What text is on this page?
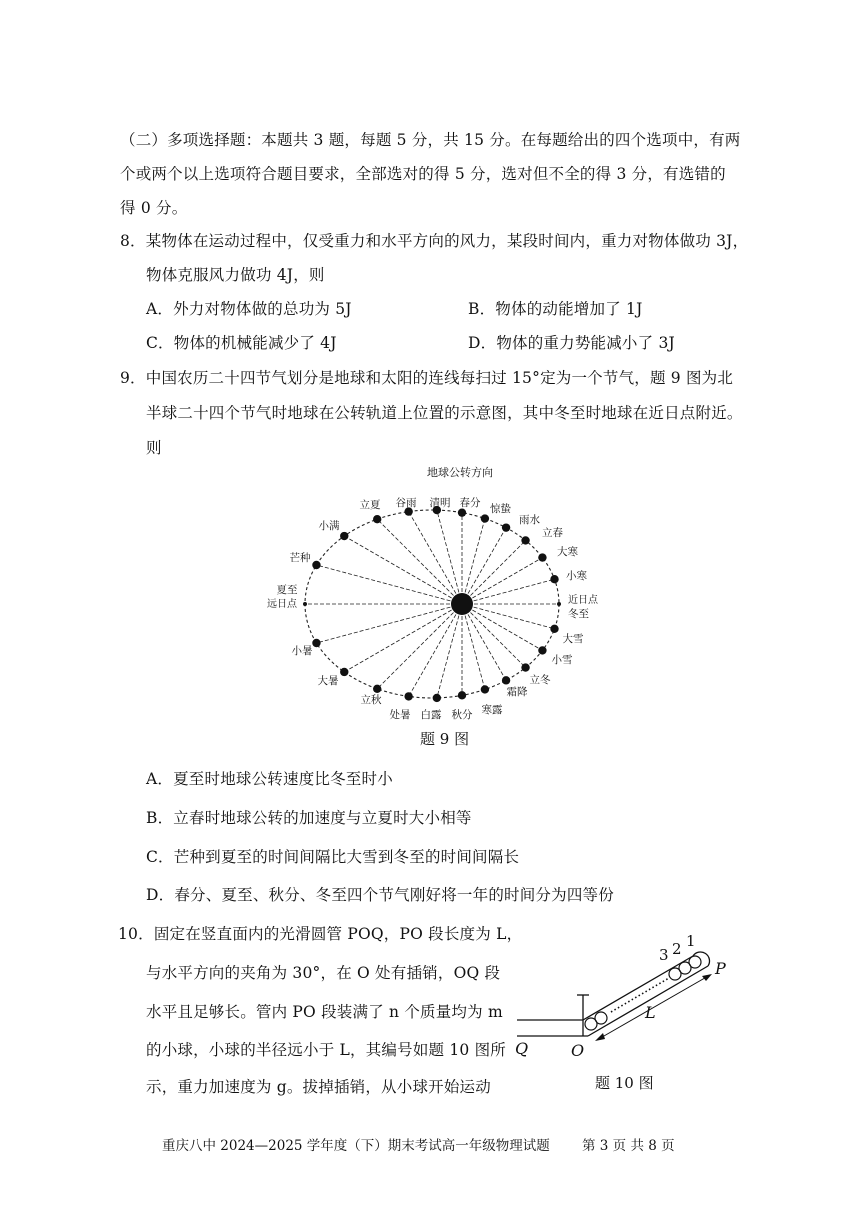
（二）多项选择题：本题共 3 题，每题 5 分，共 15 分。在每题给出的四个选项中，有两
个或两个以上选项符合题目要求，全部选对的得 5 分，选对但不全的得 3 分，有选错的
得 0 分。
8．某物体在运动过程中，仅受重力和水平方向的风力，某段时间内，重力对物体做功 3J，
物体克服风力做功 4J，则
A．外力对物体做的总功为 5J	B．物体的动能增加了 1J
C．物体的机械能减少了 4J	D．物体的重力势能减小了 3J
9．中国农历二十四节气划分是地球和太阳的连线每扫过 15°定为一个节气，题 9 图为北
半球二十四个节气时地球在公转轨道上位置的示意图，其中冬至时地球在近日点附近。
则
地球公转方向
冬至
小寒
大寒
立春
雨水
惊蛰
春分
清明
谷雨
立夏
小满
芒种
夏至
小暑
大暑
立秋
处暑 白露 秋分 寒露
霜降
立冬
小雪
大雪
近日点
远日点
题 9 图
A．夏至时地球公转速度比冬至时小
B．立春时地球公转的加速度与立夏时大小相等
C．芒种到夏至的时间间隔比大雪到冬至的时间间隔长
D．春分、夏至、秋分、冬至四个节气刚好将一年的时间分为四等份
10．固定在竖直面内的光滑圆管 POQ，PO 段长度为 L，
与水平方向的夹角为 30°，在 O 处有插销，OQ 段
水平且足够长。管内 PO 段装满了 n 个质量均为 m
的小球，小球的半径远小于 L，其编号如题 10 图所
示，重力加速度为 g。拔掉插销，从小球开始运动
3 2 1
L
P
O
Q
题 10 图
重庆八中 2024—2025 学年度（下）期末考试高一年级物理试题 第 3 页 共 8 页
